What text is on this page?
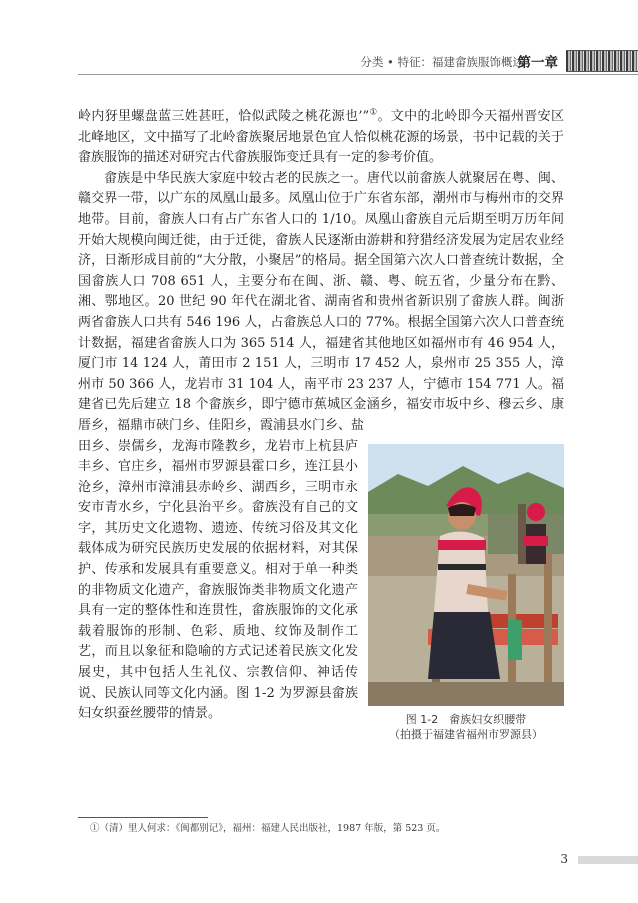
分类 • 特征：福建畲族服饰概述
第一章

岭内犽里螺盘蓝三姓甚旺，恰似武陵之桃花源也’”①。文中的北岭即今天福州晋安区北峰地区，文中描写了北岭畲族聚居地景色宜人恰似桃花源的场景，书中记载的关于畲族服饰的描述对研究古代畲族服饰变迁具有一定的参考价值。

畲族是中华民族大家庭中较古老的民族之一。唐代以前畲族人就聚居在粤、闽、赣交界一带，以广东的凤凰山最多。凤凰山位于广东省东部，潮州市与梅州市的交界地带。目前，畲族人口有占广东省人口的 1/10。凤凰山畲族自元后期至明万历年间开始大规模向闽迁徙，由于迁徙，畲族人民逐渐由游耕和狩猎经济发展为定居农业经济，日渐形成目前的“大分散，小聚居”的格局。据全国第六次人口普查统计数据，全国畲族人口 708 651 人，主要分布在闽、浙、赣、粤、皖五省，少量分布在黔、湘、鄂地区。20 世纪 90 年代在湖北省、湖南省和贵州省新识别了畲族人群。闽浙两省畲族人口共有 546 196 人，占畲族总人口的 77%。根据全国第六次人口普查统计数据，福建省畲族人口为 365 514 人，福建省其他地区如福州市有 46 954 人，厦门市 14 124 人，莆田市 2 151 人，三明市 17 452 人，泉州市 25 355 人，漳州市 50 366 人，龙岩市 31 104 人，南平市 23 237 人，宁德市 154 771 人。福建省已先后建立 18 个畲族乡，即宁德市蕉城区金涵乡，福安市坂中乡、穆云乡、康厝乡，福鼎市硖门乡、佳阳乡，霞浦县水门乡、盐

图 1-2　畲族妇女织腰带
（拍摄于福建省福州市罗源县）

田乡、崇儒乡，龙海市隆教乡，龙岩市上杭县庐丰乡、官庄乡，福州市罗源县霍口乡，连江县小沧乡，漳州市漳浦县赤岭乡、湖西乡，三明市永安市青水乡，宁化县治平乡。畲族没有自己的文字，其历史文化遗物、遗迹、传统习俗及其文化载体成为研究民族历史发展的依据材料，对其保护、传承和发展具有重要意义。相对于单一种类的非物质文化遗产，畲族服饰类非物质文化遗产具有一定的整体性和连贯性，畲族服饰的文化承载着服饰的形制、色彩、质地、纹饰及制作工艺，而且以象征和隐喻的方式记述着民族文化发展史，其中包括人生礼仪、宗教信仰、神话传说、民族认同等文化内涵。图 1-2 为罗源县畲族妇女织蚕丝腰带的情景。

①（清）里人何求：《闽都别记》，福州：福建人民出版社，1987 年版，第 523 页。
3
